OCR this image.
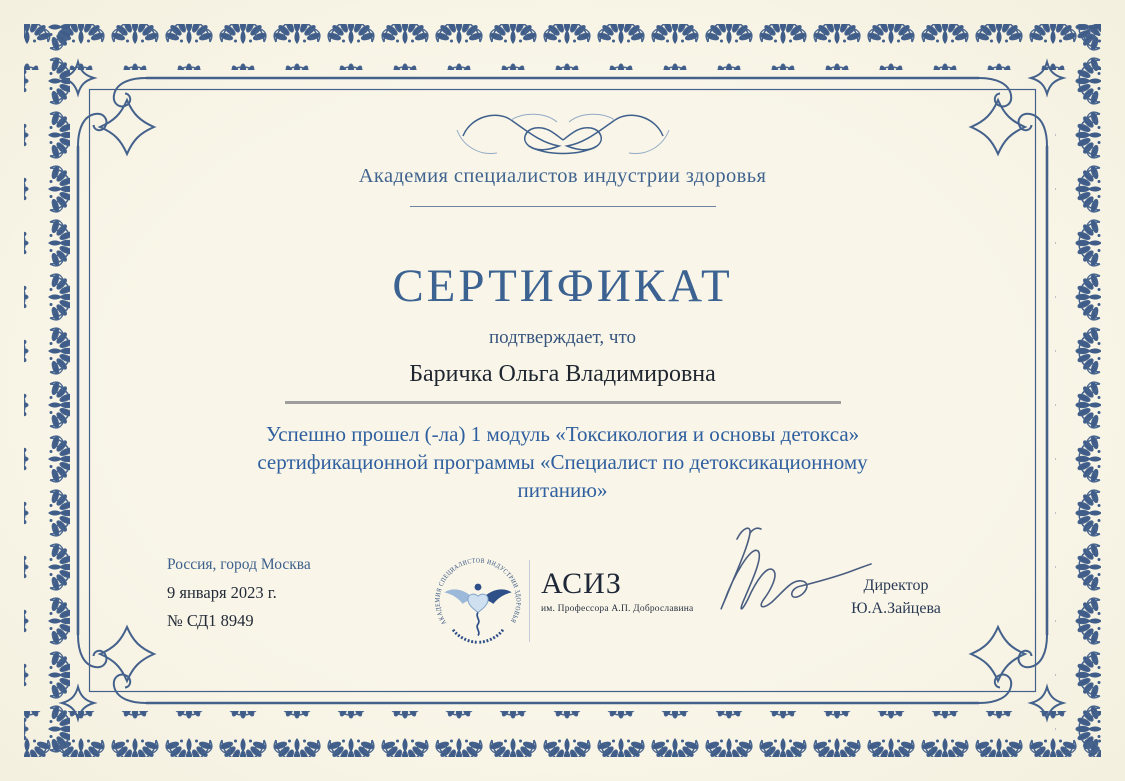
Академия специалистов индустрии здоровья
СЕРТИФИКАТ
подтверждает, что
Баричка Ольга Владимировна
Успешно прошел (-ла) 1 модуль «Токсикология и основы детокса»
сертификационной программы «Специалист по детоксикационному
питанию»
Россия, город Москва
9 января 2023 г.
№ СД1 8949	АКАДЕМИЯ СПЕЦИАЛИСТОВ ИНДУСТРИИ ЗДОРОВЬЯ
АСИЗ
им. Профессора А.П. Доброславина
Директор
Ю.А.Зайцева
